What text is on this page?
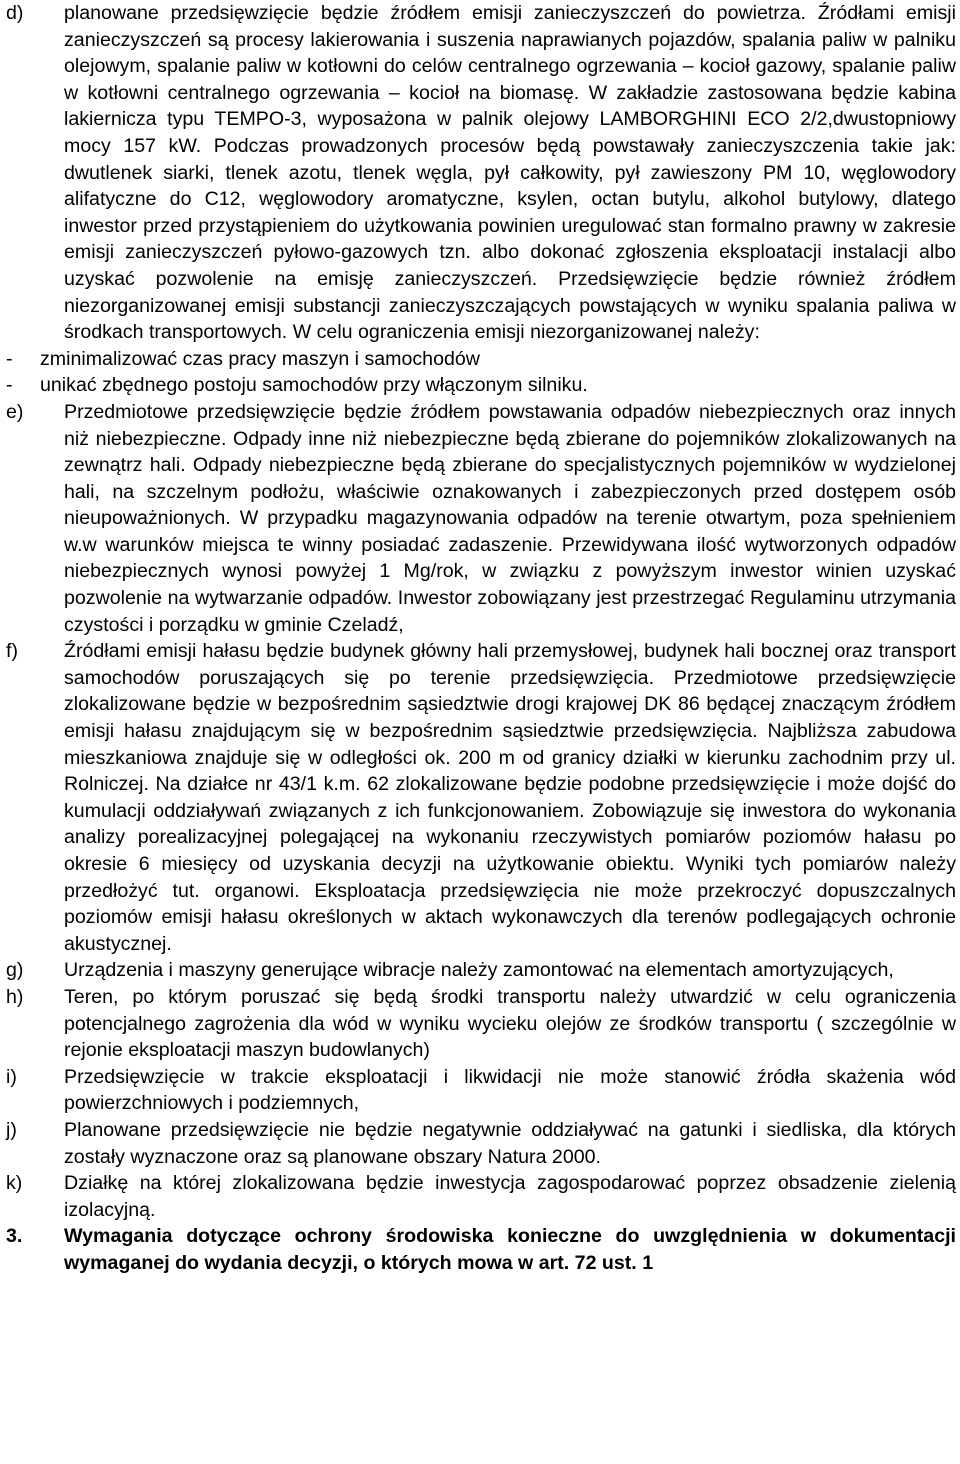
d)	planowane przedsięwzięcie będzie źródłem emisji zanieczyszczeń do powietrza. Źródłami emisji zanieczyszczeń są procesy lakierowania i suszenia naprawianych pojazdów, spalania paliw w palniku olejowym, spalanie paliw w kotłowni do celów centralnego ogrzewania – kocioł gazowy, spalanie paliw w kotłowni centralnego ogrzewania – kocioł na biomasę. W zakładzie zastosowana będzie kabina lakiernicza typu TEMPO-3, wyposażona w palnik olejowy LAMBORGHINI ECO 2/2,dwustopniowy mocy 157 kW. Podczas prowadzonych procesów będą powstawały zanieczyszczenia takie jak: dwutlenek siarki, tlenek azotu, tlenek węgla, pył całkowity, pył zawieszony PM 10, węglowodory alifatyczne do C12, węglowodory aromatyczne, ksylen, octan butylu, alkohol butylowy, dlatego inwestor przed przystąpieniem do użytkowania powinien uregulować stan formalno prawny w zakresie emisji zanieczyszczeń pyłowo-gazowych tzn. albo dokonać zgłoszenia eksploatacji instalacji albo uzyskać pozwolenie na emisję zanieczyszczeń. Przedsięwzięcie będzie również źródłem niezorganizowanej emisji substancji zanieczyszczających powstających w wyniku spalania paliwa w środkach transportowych. W celu ograniczenia emisji niezorganizowanej należy:
-	zminimalizować czas pracy maszyn i samochodów
-	unikać zbędnego postoju samochodów przy włączonym silniku.
e)	Przedmiotowe przedsięwzięcie będzie źródłem powstawania odpadów niebezpiecznych oraz innych niż niebezpieczne. Odpady inne niż niebezpieczne będą zbierane do pojemników zlokalizowanych na zewnątrz hali. Odpady niebezpieczne będą zbierane do specjalistycznych pojemników w wydzielonej hali, na szczelnym podłożu, właściwie oznakowanych i zabezpieczonych przed dostępem osób nieupoważnionych. W przypadku magazynowania odpadów na terenie otwartym, poza spełnieniem w.w warunków miejsca te winny posiadać zadaszenie. Przewidywana ilość wytworzonych odpadów niebezpiecznych wynosi powyżej 1 Mg/rok, w związku z powyższym inwestor winien uzyskać pozwolenie na wytwarzanie odpadów. Inwestor zobowiązany jest przestrzegać Regulaminu utrzymania czystości i porządku w gminie Czeladź,
f)	Źródłami emisji hałasu będzie budynek główny hali przemysłowej, budynek hali bocznej oraz transport samochodów poruszających się po terenie przedsięwzięcia. Przedmiotowe przedsięwzięcie zlokalizowane będzie w bezpośrednim sąsiedztwie drogi krajowej DK 86 będącej znaczącym źródłem emisji hałasu znajdującym się w bezpośrednim sąsiedztwie przedsięwzięcia. Najbliższa zabudowa mieszkaniowa znajduje się w odległości ok. 200 m od granicy działki w kierunku zachodnim przy ul. Rolniczej. Na działce nr 43/1 k.m. 62 zlokalizowane będzie podobne przedsięwzięcie i może dojść do kumulacji oddziaływań związanych z ich funkcjonowaniem. Zobowiązuje się inwestora do wykonania analizy porealizacyjnej polegającej na wykonaniu rzeczywistych pomiarów poziomów hałasu po okresie 6 miesięcy od uzyskania decyzji na użytkowanie obiektu. Wyniki tych pomiarów należy przedłożyć tut. organowi. Eksploatacja przedsięwzięcia nie może przekroczyć dopuszczalnych poziomów emisji hałasu określonych w aktach wykonawczych dla terenów podlegających ochronie akustycznej.
g)	Urządzenia i maszyny generujące wibracje należy zamontować na elementach amortyzujących,
h)	Teren, po którym poruszać się będą środki transportu należy utwardzić w celu ograniczenia potencjalnego zagrożenia dla wód w wyniku wycieku olejów ze środków transportu ( szczególnie w rejonie eksploatacji maszyn budowlanych)
i)	Przedsięwzięcie w trakcie eksploatacji i likwidacji nie może stanowić źródła skażenia wód powierzchniowych i podziemnych,
j)	Planowane przedsięwzięcie nie będzie negatywnie oddziaływać na gatunki i siedliska, dla których zostały wyznaczone oraz są planowane obszary Natura 2000.
k)	Działkę na której zlokalizowana będzie inwestycja zagospodarować poprzez obsadzenie zielenią izolacyjną.
3.	Wymagania dotyczące ochrony środowiska konieczne do uwzględnienia w dokumentacji wymaganej do wydania decyzji, o których mowa w art. 72 ust. 1
